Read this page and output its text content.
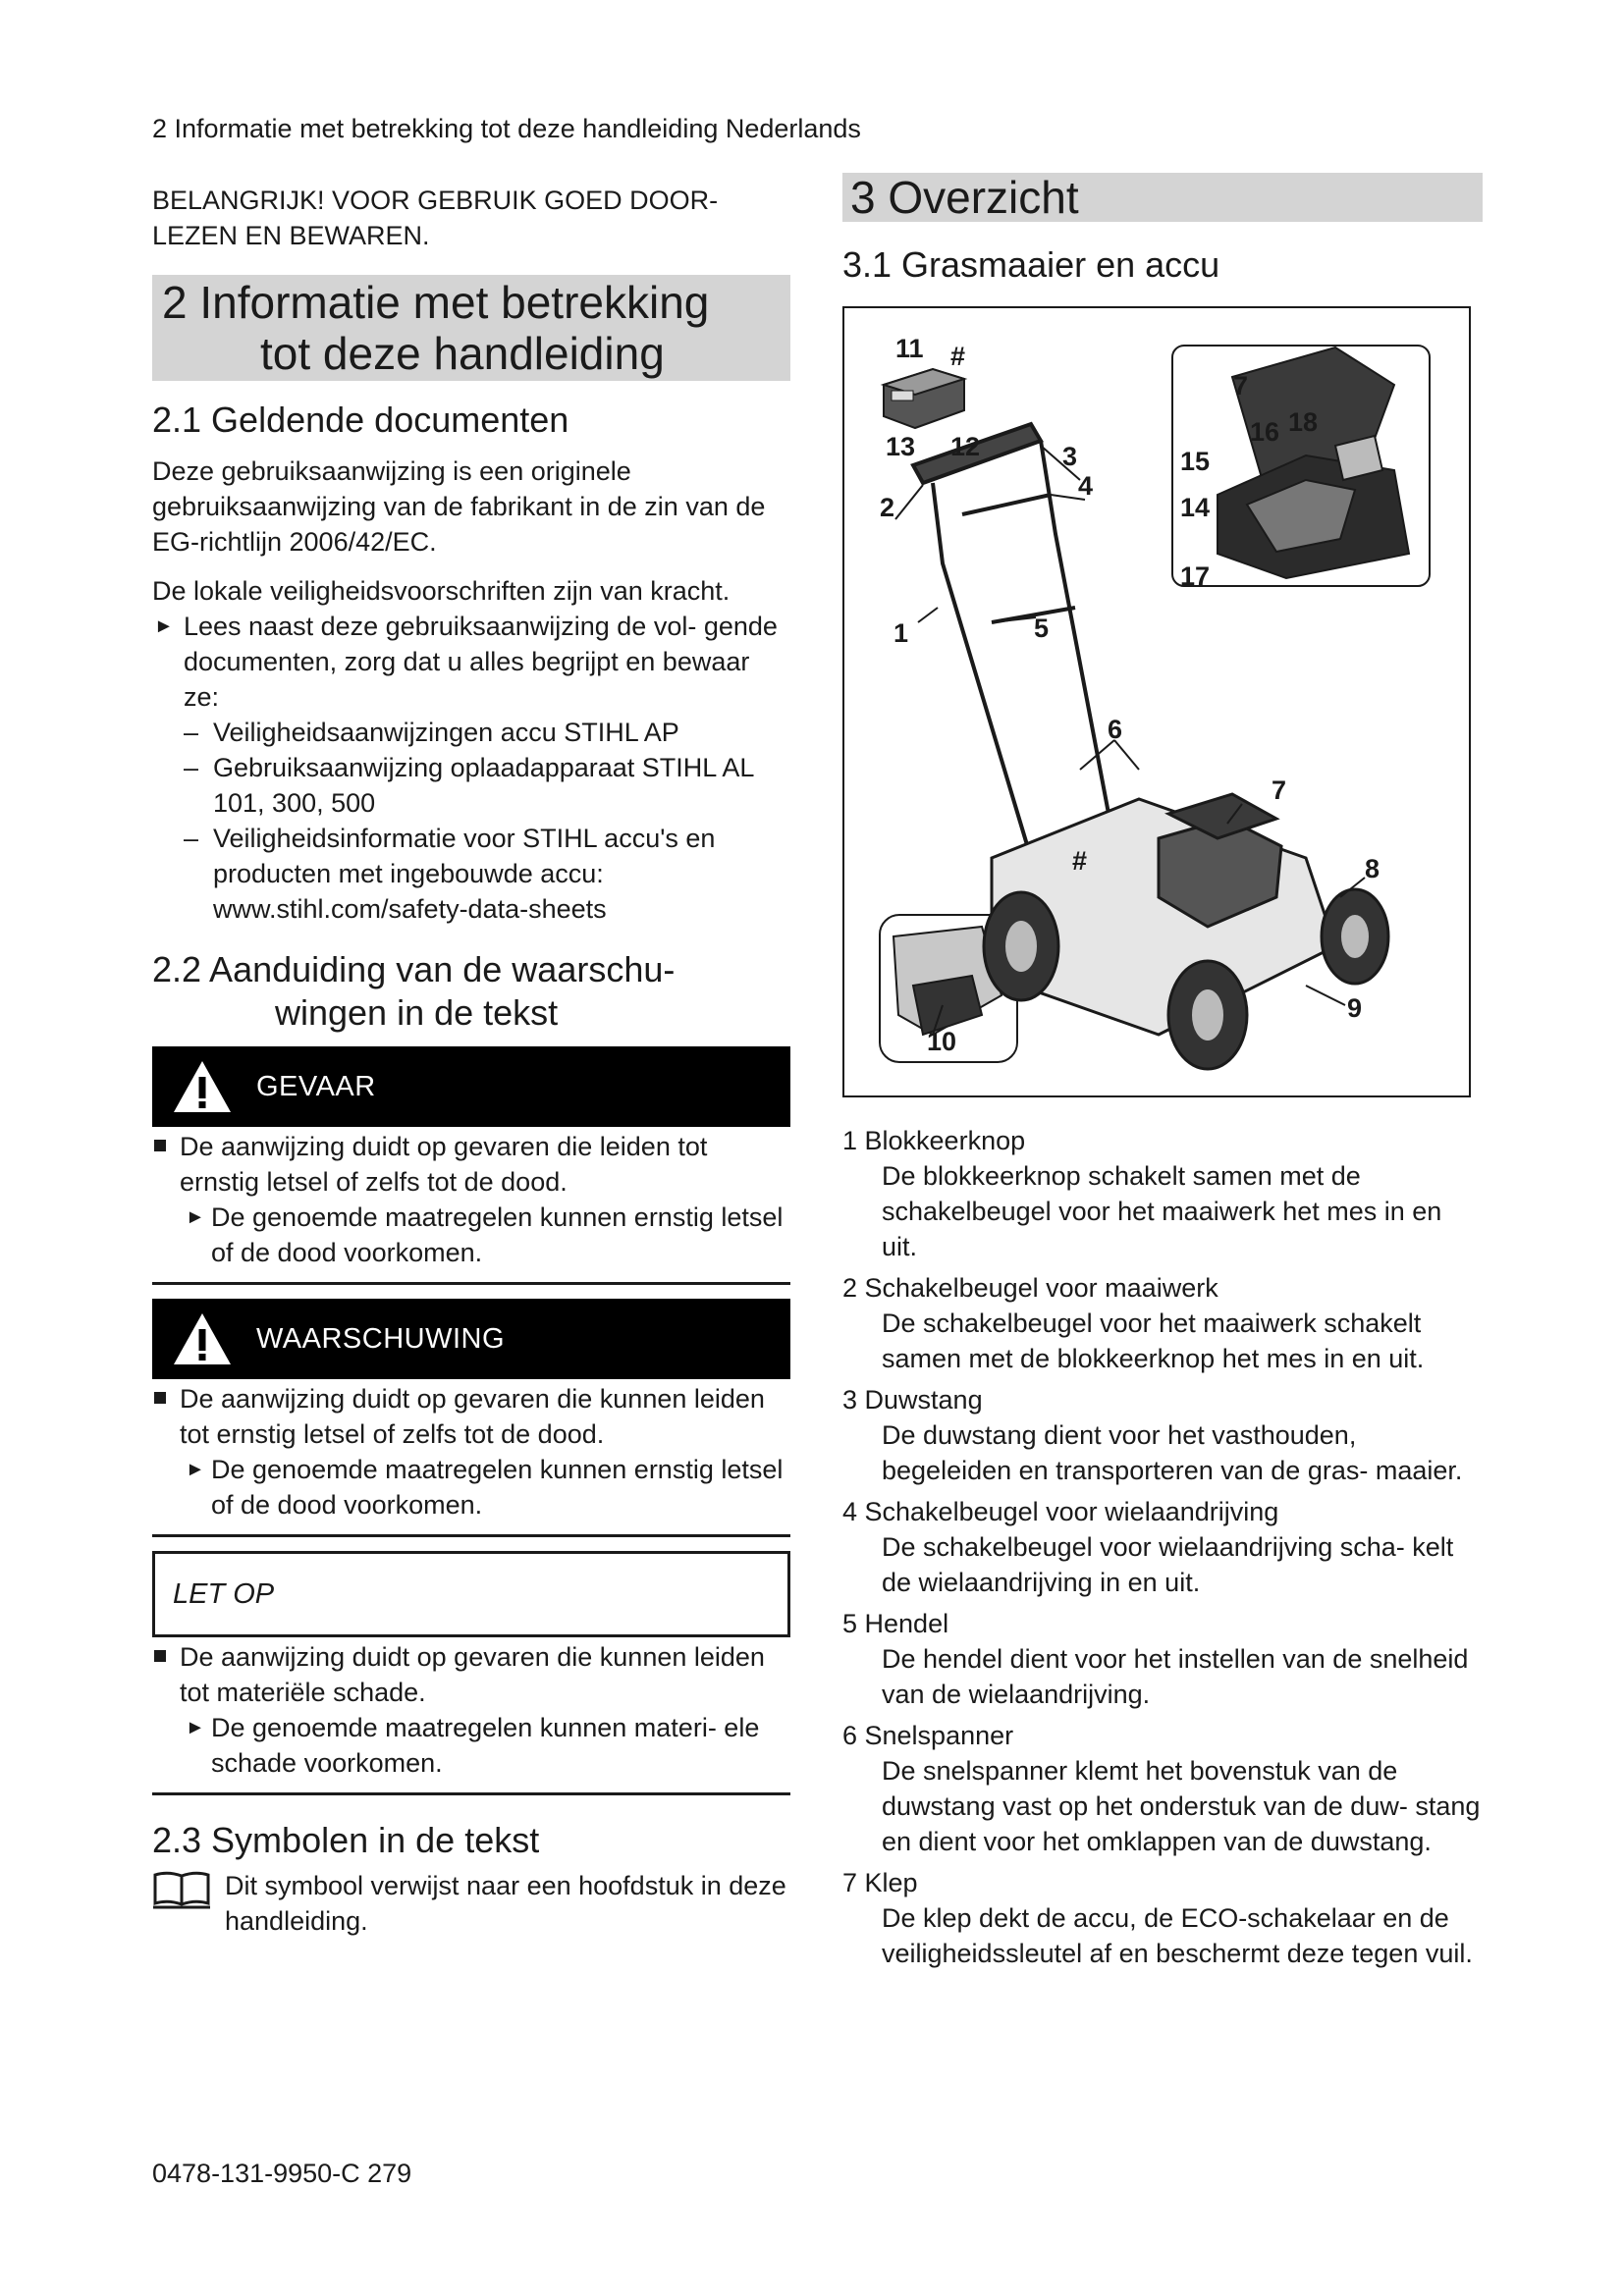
2 Informatie met betrekking tot deze handleiding Nederlands
BELANGRIJK! VOOR GEBRUIK GOED DOOR-
LEZEN EN BEWAREN.
2 Informatie met betrekking
tot deze handleiding
2.1 Geldende documenten

Deze gebruiksaanwijzing is een originele gebruiksaanwijzing van de fabrikant in de zin van de EG-richtlijn 2006/42/EC.

De lokale veiligheidsvoorschriften zijn van kracht.

► Lees naast deze gebruiksaanwijzing de vol- gende documenten, zorg dat u alles begrijpt en bewaar ze:
– Veiligheidsaanwijzingen accu STIHL AP
– Gebruiksaanwijzing oplaadapparaat STIHL AL 101, 300, 500
– Veiligheidsinformatie voor STIHL accu's en producten met ingebouwde accu: www.stihl.com/safety-data-sheets
2.2 Aanduiding van de waarschu-
wingen in de tekst
GEVAAR
De aanwijzing duidt op gevaren die leiden tot ernstig letsel of zelfs tot de dood.
► De genoemde maatregelen kunnen ernstig letsel of de dood voorkomen.
WAARSCHUWING
De aanwijzing duidt op gevaren die kunnen leiden tot ernstig letsel of zelfs tot de dood.
► De genoemde maatregelen kunnen ernstig letsel of de dood voorkomen.
LET OP
De aanwijzing duidt op gevaren die kunnen leiden tot materiële schade.
► De genoemde maatregelen kunnen materi- ele schade voorkomen.
2.3 Symbolen in de tekst
Dit symbool verwijst naar een hoofdstuk in deze handleiding.
3 Overzicht
3.1 Grasmaaier en accu
11 #
13 12	3
4
2
1	5
6
7
#	8
9
10
7
16 18
15
14
17
1 Blokkeerknop
De blokkeerknop schakelt samen met de schakelbeugel voor het maaiwerk het mes in en uit.
2 Schakelbeugel voor maaiwerk
De schakelbeugel voor het maaiwerk schakelt samen met de blokkeerknop het mes in en uit.
3 Duwstang
De duwstang dient voor het vasthouden, begeleiden en transporteren van de gras- maaier.
4 Schakelbeugel voor wielaandrijving
De schakelbeugel voor wielaandrijving scha- kelt de wielaandrijving in en uit.
5 Hendel
De hendel dient voor het instellen van de snelheid van de wielaandrijving.
6 Snelspanner
De snelspanner klemt het bovenstuk van de duwstang vast op het onderstuk van de duw- stang en dient voor het omklappen van de duwstang.
7 Klep
De klep dekt de accu, de ECO-schakelaar en de veiligheidssleutel af en beschermt deze tegen vuil.
0478-131-9950-C 279
